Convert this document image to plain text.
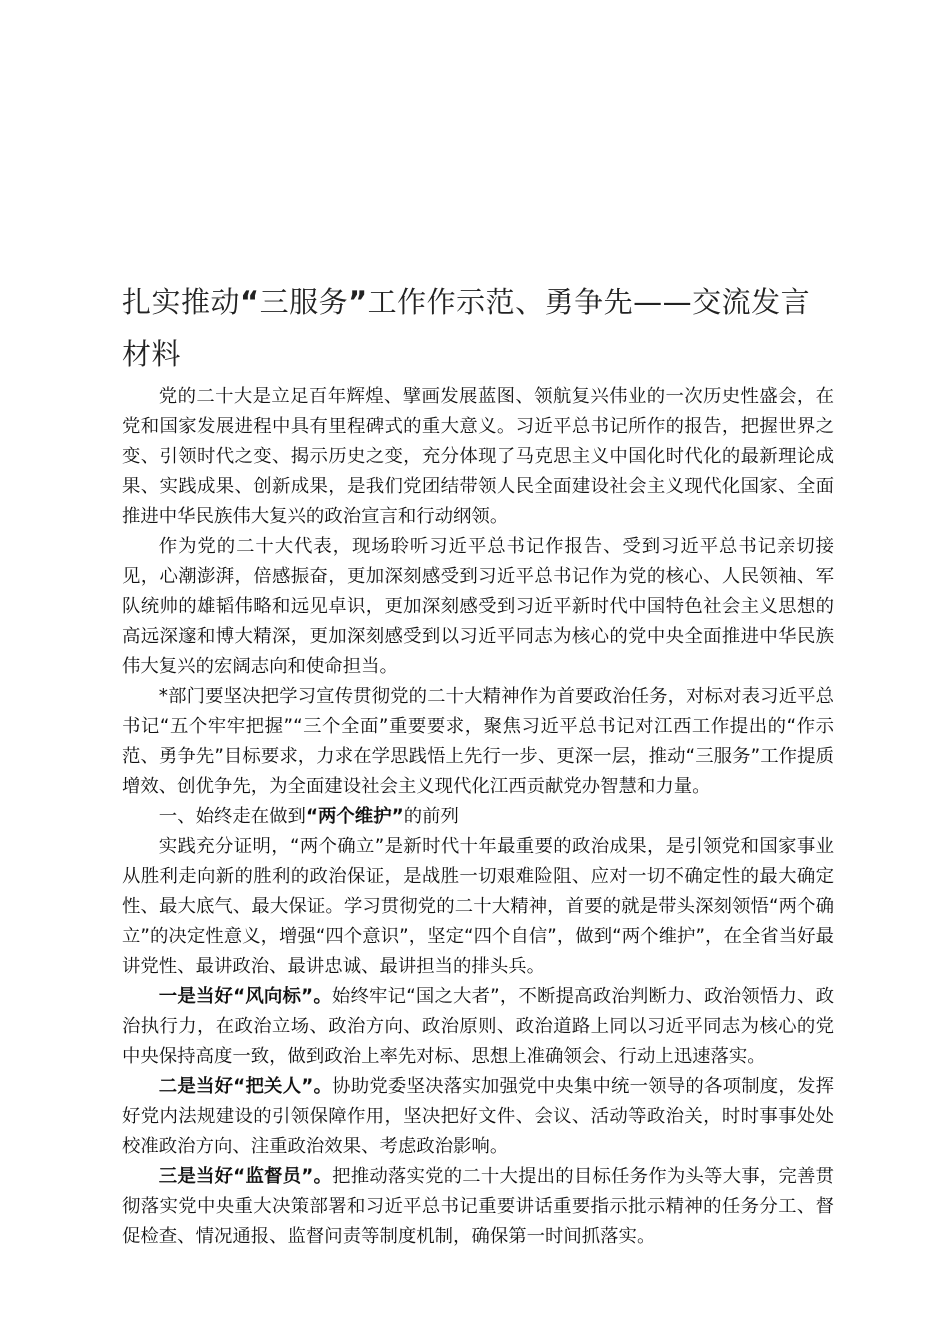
扎实推动“三服务”工作作示范、勇争先——交流发言材料

党的二十大是立足百年辉煌、擘画发展蓝图、领航复兴伟业的一次历史性盛会，在党和国家发展进程中具有里程碑式的重大意义。习近平总书记所作的报告，把握世界之变、引领时代之变、揭示历史之变，充分体现了马克思主义中国化时代化的最新理论成果、实践成果、创新成果，是我们党团结带领人民全面建设社会主义现代化国家、全面推进中华民族伟大复兴的政治宣言和行动纲领。

作为党的二十大代表，现场聆听习近平总书记作报告、受到习近平总书记亲切接见，心潮澎湃，倍感振奋，更加深刻感受到习近平总书记作为党的核心、人民领袖、军队统帅的雄韬伟略和远见卓识，更加深刻感受到习近平新时代中国特色社会主义思想的高远深邃和博大精深，更加深刻感受到以习近平同志为核心的党中央全面推进中华民族伟大复兴的宏阔志向和使命担当。

*部门要坚决把学习宣传贯彻党的二十大精神作为首要政治任务，对标对表习近平总书记“五个牢牢把握”“三个全面”重要要求，聚焦习近平总书记对江西工作提出的“作示范、勇争先”目标要求，力求在学思践悟上先行一步、更深一层，推动“三服务”工作提质增效、创优争先，为全面建设社会主义现代化江西贡献党办智慧和力量。

一、始终走在做到“两个维护”的前列

实践充分证明，“两个确立”是新时代十年最重要的政治成果，是引领党和国家事业从胜利走向新的胜利的政治保证，是战胜一切艰难险阻、应对一切不确定性的最大确定性、最大底气、最大保证。学习贯彻党的二十大精神，首要的就是带头深刻领悟“两个确立”的决定性意义，增强“四个意识”，坚定“四个自信”，做到“两个维护”，在全省当好最讲党性、最讲政治、最讲忠诚、最讲担当的排头兵。

一是当好“风向标”。始终牢记“国之大者”，不断提高政治判断力、政治领悟力、政治执行力，在政治立场、政治方向、政治原则、政治道路上同以习近平同志为核心的党中央保持高度一致，做到政治上率先对标、思想上准确领会、行动上迅速落实。

二是当好“把关人”。协助党委坚决落实加强党中央集中统一领导的各项制度，发挥好党内法规建设的引领保障作用，坚决把好文件、会议、活动等政治关，时时事事处处校准政治方向、注重政治效果、考虑政治影响。

三是当好“监督员”。把推动落实党的二十大提出的目标任务作为头等大事，完善贯彻落实党中央重大决策部署和习近平总书记重要讲话重要指示批示精神的任务分工、督促检查、情况通报、监督问责等制度机制，确保第一时间抓落实。
